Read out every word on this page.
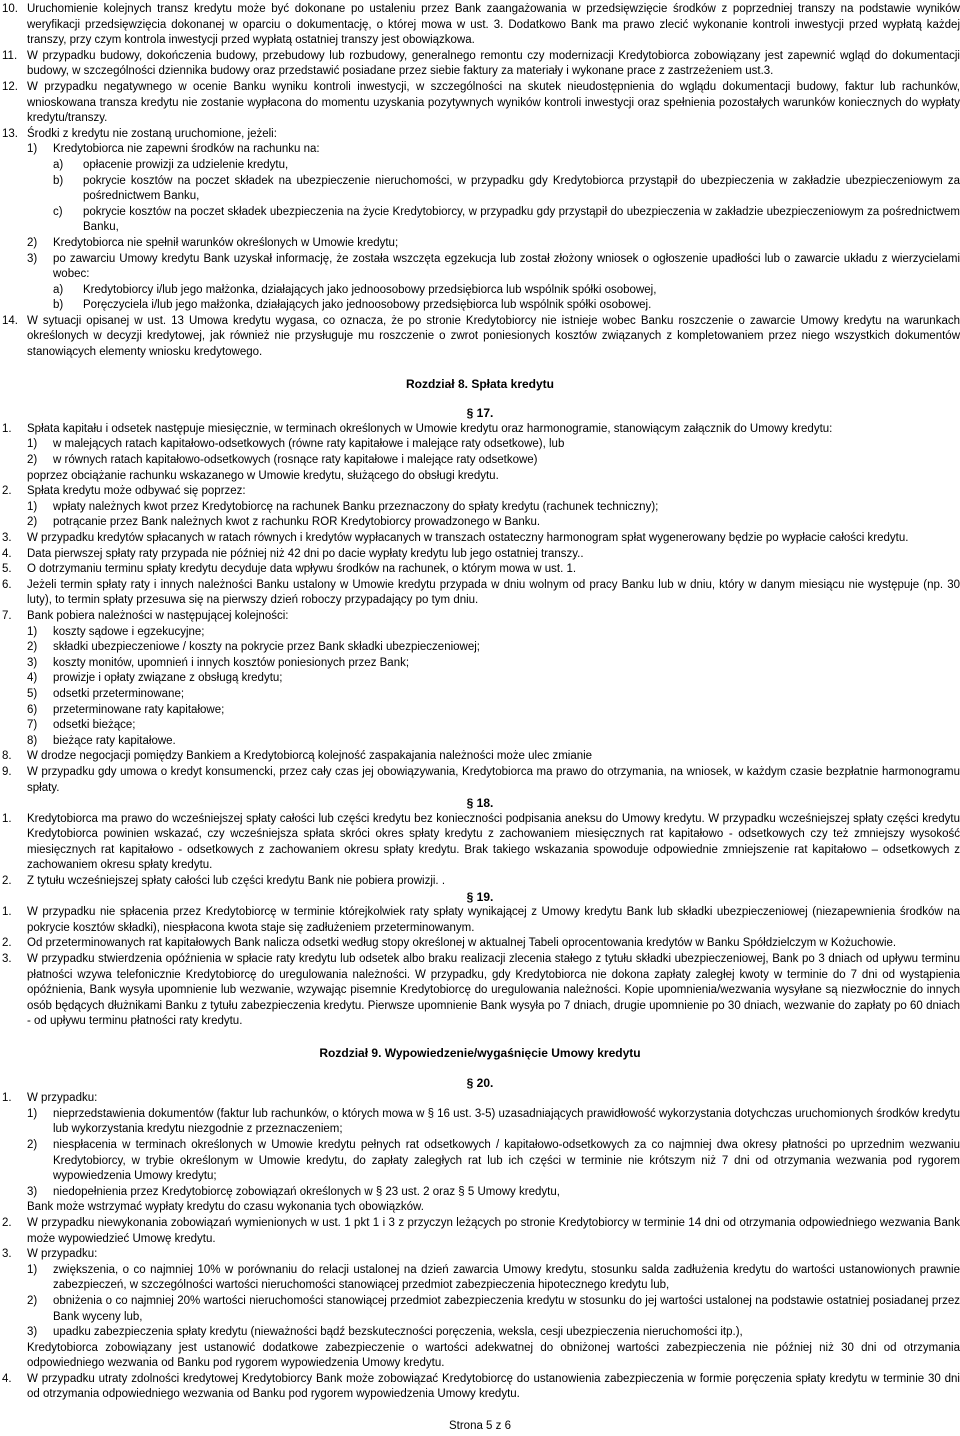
10. Uruchomienie kolejnych transz kredytu może być dokonane po ustaleniu przez Bank zaangażowania w przedsięwzięcie środków z poprzedniej transzy na podstawie wyników weryfikacji przedsięwzięcia dokonanej w oparciu o dokumentację, o której mowa w ust. 3. Dodatkowo Bank ma prawo zlecić wykonanie kontroli inwestycji przed wypłatą każdej transzy, przy czym kontrola inwestycji przed wypłatą ostatniej transzy jest obowiązkowa.
11. W przypadku budowy, dokończenia budowy, przebudowy lub rozbudowy, generalnego remontu czy modernizacji Kredytobiorca zobowiązany jest zapewnić wgląd do dokumentacji budowy, w szczególności dziennika budowy oraz przedstawić posiadane przez siebie faktury za materiały i wykonane prace z zastrzeżeniem ust.3.
12. W przypadku negatywnego w ocenie Banku wyniku kontroli inwestycji, w szczególności na skutek nieudostępnienia do wglądu dokumentacji budowy, faktur lub rachunków, wnioskowana transza kredytu nie zostanie wypłacona do momentu uzyskania pozytywnych wyników kontroli inwestycji oraz spełnienia pozostałych warunków koniecznych do wypłaty kredytu/transzy.
13. Środki z kredytu nie zostaną uruchomione, jeżeli:
1) Kredytobiorca nie zapewni środków na rachunku na:
a) opłacenie prowizji za udzielenie kredytu,
b) pokrycie kosztów na poczet składek na ubezpieczenie nieruchomości, w przypadku gdy Kredytobiorca przystąpił do ubezpieczenia w zakładzie ubezpieczeniowym za pośrednictwem Banku,
c) pokrycie kosztów na poczet składek ubezpieczenia na życie Kredytobiorcy, w przypadku gdy przystąpił do ubezpieczenia w zakładzie ubezpieczeniowym za pośrednictwem Banku,
2) Kredytobiorca nie spełnił warunków określonych w Umowie kredytu;
3) po zawarciu Umowy kredytu Bank uzyskał informację, że została wszczęta egzekucja lub został złożony wniosek o ogłoszenie upadłości lub o zawarcie układu z wierzycielami wobec:
a) Kredytobiorcy i/lub jego małżonka, działających jako jednoosobowy przedsiębiorca lub wspólnik spółki osobowej,
b) Poręczyciela i/lub jego małżonka, działających jako jednoosobowy przedsiębiorca lub wspólnik spółki osobowej.
14. W sytuacji opisanej w ust. 13 Umowa kredytu wygasa, co oznacza, że po stronie Kredytobiorcy nie istnieje wobec Banku roszczenie o zawarcie Umowy kredytu na warunkach określonych w decyzji kredytowej, jak również nie przysługuje mu roszczenie o zwrot poniesionych kosztów związanych z kompletowaniem przez niego wszystkich dokumentów stanowiących elementy wniosku kredytowego.
Rozdział 8. Spłata kredytu
§ 17.
1. Spłata kapitału i odsetek następuje miesięcznie, w terminach określonych w Umowie kredytu oraz harmonogramie, stanowiącym załącznik do Umowy kredytu:
1) w malejących ratach kapitałowo-odsetkowych (równe raty kapitałowe i malejące raty odsetkowe), lub
2) w równych ratach kapitałowo-odsetkowych (rosnące raty kapitałowe i malejące raty odsetkowe)
poprzez obciążanie rachunku wskazanego w Umowie kredytu, służącego do obsługi kredytu.
2. Spłata kredytu może odbywać się poprzez:
1) wpłaty należnych kwot przez Kredytobiorcę na rachunek Banku przeznaczony do spłaty kredytu (rachunek techniczny);
2) potrącanie przez Bank należnych kwot z rachunku ROR Kredytobiorcy prowadzonego w Banku.
3. W przypadku kredytów spłacanych w ratach równych i kredytów wypłacanych w transzach ostateczny harmonogram spłat wygenerowany będzie po wypłacie całości kredytu.
4. Data pierwszej spłaty raty przypada nie później niż 42 dni po dacie wypłaty kredytu lub jego ostatniej transzy..
5. O dotrzymaniu terminu spłaty kredytu decyduje data wpływu środków na rachunek, o którym mowa w ust. 1.
6. Jeżeli termin spłaty raty i innych należności Banku ustalony w Umowie kredytu przypada w dniu wolnym od pracy Banku lub w dniu, który w danym miesiącu nie występuje (np. 30 luty), to termin spłaty przesuwa się na pierwszy dzień roboczy przypadający po tym dniu.
7. Bank pobiera należności w następującej kolejności:
1) koszty sądowe i egzekucyjne;
2) składki ubezpieczeniowe / koszty na pokrycie przez Bank składki ubezpieczeniowej;
3) koszty monitów, upomnień i innych kosztów poniesionych przez Bank;
4) prowizje i opłaty związane z obsługą kredytu;
5) odsetki przeterminowane;
6) przeterminowane raty kapitałowe;
7) odsetki bieżące;
8) bieżące raty kapitałowe.
8. W drodze negocjacji pomiędzy Bankiem a Kredytobiorcą kolejność zaspakajania należności może ulec zmianie
9. W przypadku gdy umowa o kredyt konsumencki, przez cały czas jej obowiązywania, Kredytobiorca ma prawo do otrzymania, na wniosek, w każdym czasie bezpłatnie harmonogramu spłaty.
§ 18.
1. Kredytobiorca ma prawo do wcześniejszej spłaty całości lub części kredytu bez konieczności podpisania aneksu do Umowy kredytu. W przypadku wcześniejszej spłaty części kredytu Kredytobiorca powinien wskazać, czy wcześniejsza spłata skróci okres spłaty kredytu z zachowaniem miesięcznych rat kapitałowo - odsetkowych czy też zmniejszy wysokość miesięcznych rat kapitałowo - odsetkowych z zachowaniem okresu spłaty kredytu. Brak takiego wskazania spowoduje odpowiednie zmniejszenie rat kapitałowo – odsetkowych z zachowaniem okresu spłaty kredytu.
2. Z tytułu wcześniejszej spłaty całości lub części kredytu Bank nie pobiera prowizji. .
§ 19.
1. W przypadku nie spłacenia przez Kredytobiorcę w terminie którejkolwiek raty spłaty wynikającej z Umowy kredytu Bank lub składki ubezpieczeniowej (niezapewnienia środków na pokrycie kosztów składki), niespłacona kwota staje się zadłużeniem przeterminowanym.
2. Od przeterminowanych rat kapitałowych Bank nalicza odsetki według stopy określonej w aktualnej Tabeli oprocentowania kredytów w Banku Spółdzielczym w Kożuchowie.
3. W przypadku stwierdzenia opóźnienia w spłacie raty kredytu lub odsetek albo braku realizacji zlecenia stałego z tytułu składki ubezpieczeniowej, Bank po 3 dniach od upływu terminu płatności wzywa telefonicznie Kredytobiorcę do uregulowania należności. W przypadku, gdy Kredytobiorca nie dokona zapłaty zaległej kwoty w terminie do 7 dni od wystąpienia opóźnienia, Bank wysyła upomnienie lub wezwanie, wzywając pisemnie Kredytobiorcę do uregulowania należności. Kopie upomnienia/wezwania wysyłane są niezwłocznie do innych osób będących dłużnikami Banku z tytułu zabezpieczenia kredytu. Pierwsze upomnienie Bank wysyła po 7 dniach, drugie upomnienie po 30 dniach, wezwanie do zapłaty po 60 dniach - od upływu terminu płatności raty kredytu.
Rozdział 9. Wypowiedzenie/wygaśnięcie Umowy kredytu
§ 20.
1. W przypadku:
1) nieprzedstawienia dokumentów (faktur lub rachunków, o których mowa w § 16 ust. 3-5) uzasadniających prawidłowość wykorzystania dotychczas uruchomionych środków kredytu lub wykorzystania kredytu niezgodnie z przeznaczeniem;
2) niespłacenia w terminach określonych w Umowie kredytu pełnych rat odsetkowych / kapitałowo-odsetkowych za co najmniej dwa okresy płatności po uprzednim wezwaniu Kredytobiorcy, w trybie określonym w Umowie kredytu, do zapłaty zaległych rat lub ich części w terminie nie krótszym niż 7 dni od otrzymania wezwania pod rygorem wypowiedzenia Umowy kredytu;
3) niedopełnienia przez Kredytobiorcę zobowiązań określonych w § 23 ust. 2 oraz § 5 Umowy kredytu,
Bank może wstrzymać wypłaty kredytu do czasu wykonania tych obowiązków.
2. W przypadku niewykonania zobowiązań wymienionych w ust. 1 pkt 1 i 3 z przyczyn leżących po stronie Kredytobiorcy w terminie 14 dni od otrzymania odpowiedniego wezwania Bank może wypowiedzieć Umowę kredytu.
3. W przypadku:
1) zwiększenia, o co najmniej 10% w porównaniu do relacji ustalonej na dzień zawarcia Umowy kredytu, stosunku salda zadłużenia kredytu do wartości ustanowionych prawnie zabezpieczeń, w szczególności wartości nieruchomości stanowiącej przedmiot zabezpieczenia hipotecznego kredytu lub,
2) obniżenia o co najmniej 20% wartości nieruchomości stanowiącej przedmiot zabezpieczenia kredytu w stosunku do jej wartości ustalonej na podstawie ostatniej posiadanej przez Bank wyceny lub,
3) upadku zabezpieczenia spłaty kredytu (nieważności bądź bezskuteczności poręczenia, weksla, cesji ubezpieczenia nieruchomości itp.),
Kredytobiorca zobowiązany jest ustanowić dodatkowe zabezpieczenie o wartości adekwatnej do obniżonej wartości zabezpieczenia nie później niż 30 dni od otrzymania odpowiedniego wezwania od Banku pod rygorem wypowiedzenia Umowy kredytu.
4. W przypadku utraty zdolności kredytowej Kredytobiorcy Bank może zobowiązać Kredytobiorcę do ustanowienia zabezpieczenia w formie poręczenia spłaty kredytu w terminie 30 dni od otrzymania odpowiedniego wezwania od Banku pod rygorem wypowiedzenia Umowy kredytu.
Strona 5 z 6
